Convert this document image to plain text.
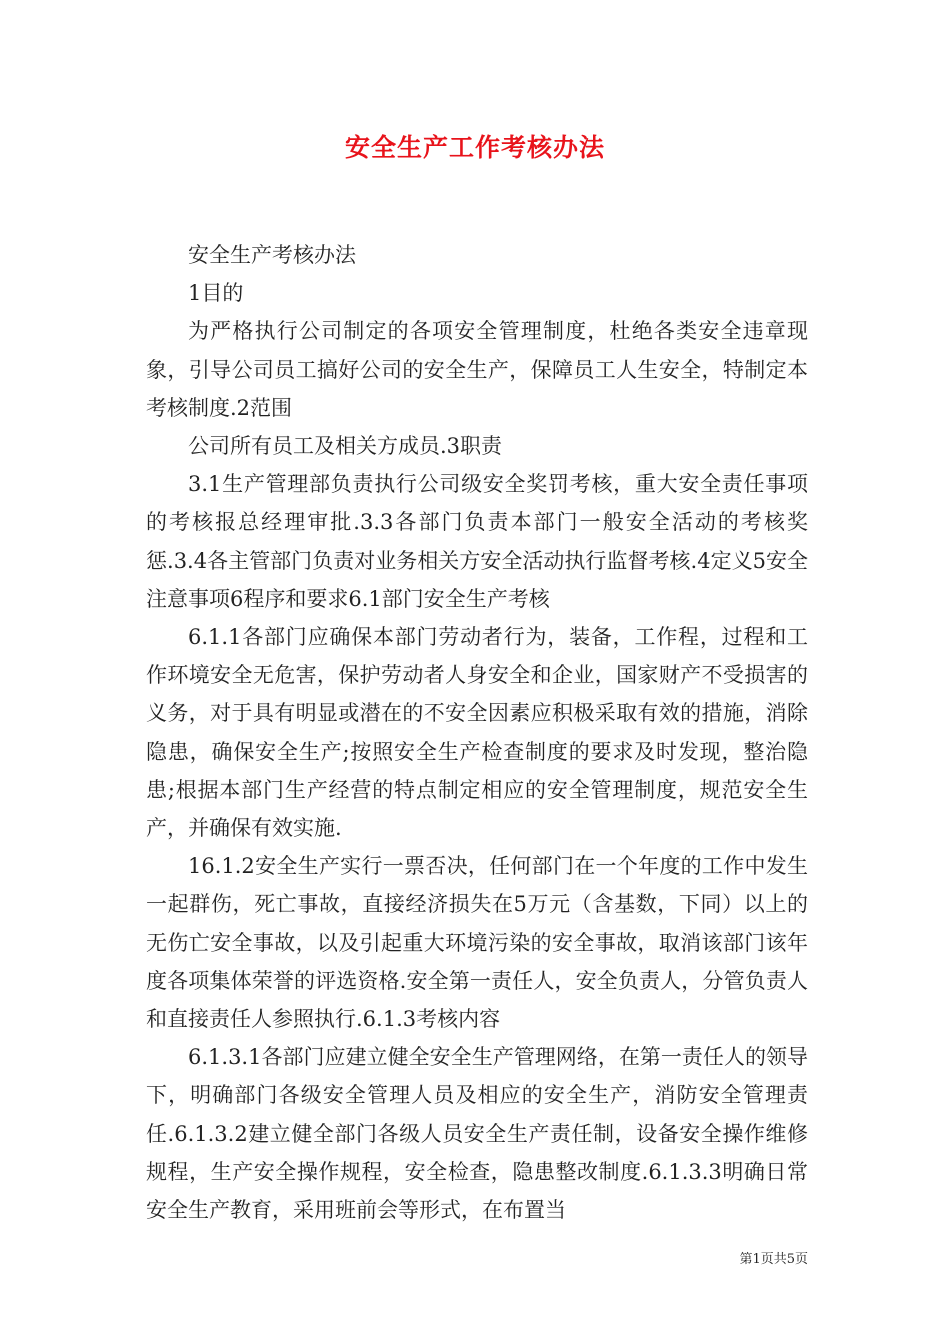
安全生产工作考核办法

安全生产考核办法

1目的

为严格执行公司制定的各项安全管理制度，杜绝各类安全违章现象，引导公司员工搞好公司的安全生产，保障员工人生安全，特制定本考核制度.2范围

公司所有员工及相关方成员.3职责

3.1生产管理部负责执行公司级安全奖罚考核，重大安全责任事项的考核报总经理审批.3.3各部门负责本部门一般安全活动的考核奖惩.3.4各主管部门负责对业务相关方安全活动执行监督考核.4定义5安全注意事项6程序和要求6.1部门安全生产考核

6.1.1各部门应确保本部门劳动者行为，装备，工作程，过程和工作环境安全无危害，保护劳动者人身安全和企业，国家财产不受损害的义务，对于具有明显或潜在的不安全因素应积极采取有效的措施，消除隐患，确保安全生产;按照安全生产检查制度的要求及时发现，整治隐患;根据本部门生产经营的特点制定相应的安全管理制度，规范安全生产，并确保有效实施.

16.1.2安全生产实行一票否决，任何部门在一个年度的工作中发生一起群伤，死亡事故，直接经济损失在5万元（含基数，下同）以上的无伤亡安全事故，以及引起重大环境污染的安全事故，取消该部门该年度各项集体荣誉的评选资格.安全第一责任人，安全负责人，分管负责人和直接责任人参照执行.6.1.3考核内容

6.1.3.1各部门应建立健全安全生产管理网络，在第一责任人的领导下，明确部门各级安全管理人员及相应的安全生产，消防安全管理责任.6.1.3.2建立健全部门各级人员安全生产责任制，设备安全操作维修规程，生产安全操作规程，安全检查，隐患整改制度.6.1.3.3明确日常安全生产教育，采用班前会等形式，在布置当

第1页共5页
